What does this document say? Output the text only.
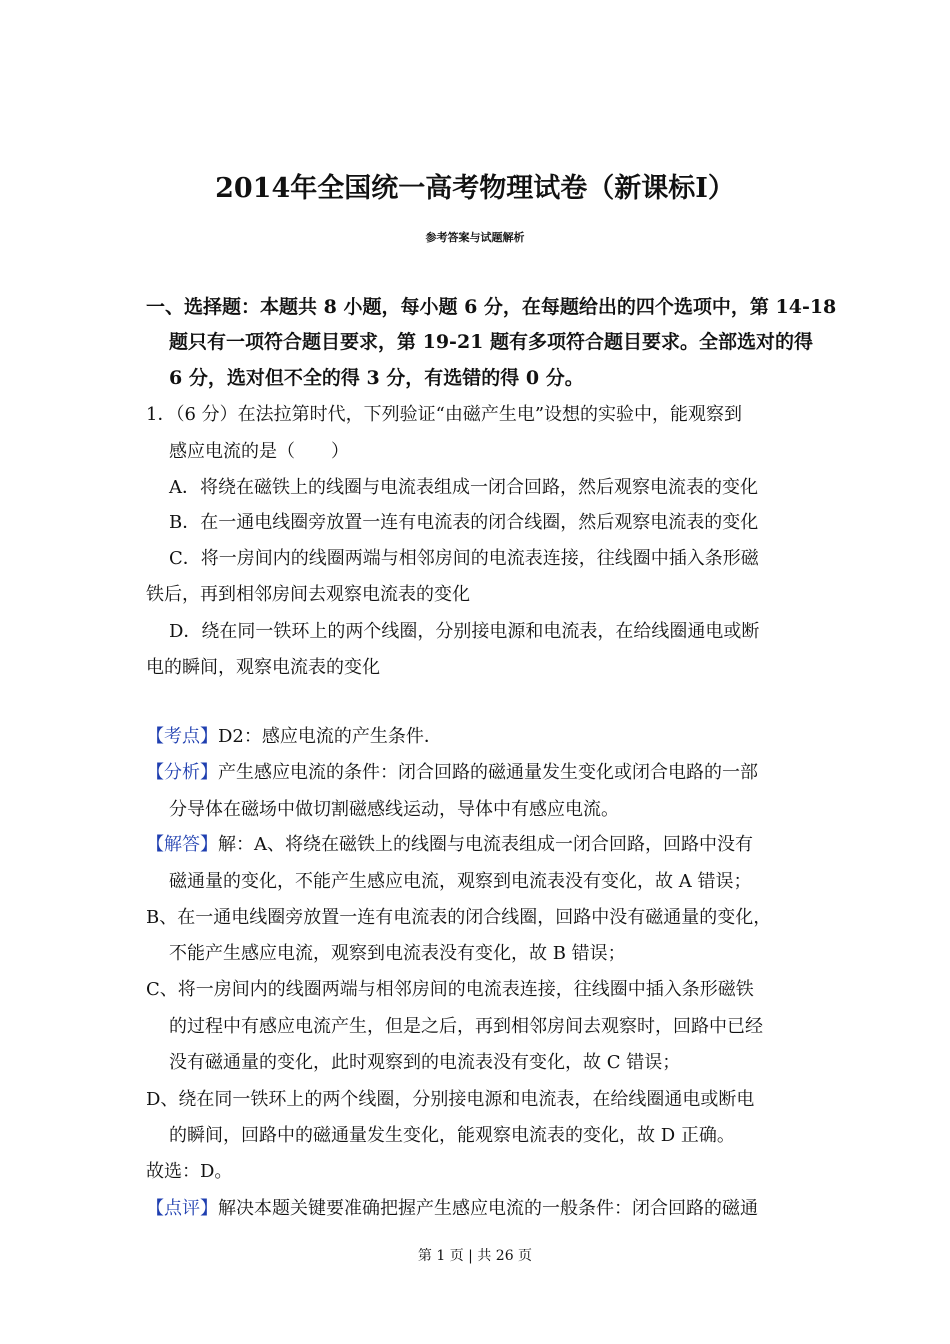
2014年全国统一高考物理试卷（新课标Ⅰ）
参考答案与试题解析
一、选择题：本题共 8 小题，每小题 6 分，在每题给出的四个选项中，第 14-18
题只有一项符合题目要求，第 19-21 题有多项符合题目要求。全部选对的得
6 分，选对但不全的得 3 分，有选错的得 0 分。
1．（6 分）在法拉第时代，下列验证“由磁产生电”设想的实验中，能观察到
感应电流的是（　　）
A．将绕在磁铁上的线圈与电流表组成一闭合回路，然后观察电流表的变化
B．在一通电线圈旁放置一连有电流表的闭合线圈，然后观察电流表的变化
C．将一房间内的线圈两端与相邻房间的电流表连接，往线圈中插入条形磁
铁后，再到相邻房间去观察电流表的变化
D．绕在同一铁环上的两个线圈，分别接电源和电流表，在给线圈通电或断
电的瞬间，观察电流表的变化
【考点】D2：感应电流的产生条件．
【分析】产生感应电流的条件：闭合回路的磁通量发生变化或闭合电路的一部
分导体在磁场中做切割磁感线运动，导体中有感应电流。
【解答】解：A、将绕在磁铁上的线圈与电流表组成一闭合回路，回路中没有
磁通量的变化，不能产生感应电流，观察到电流表没有变化，故 A 错误；
B、在一通电线圈旁放置一连有电流表的闭合线圈，回路中没有磁通量的变化，
不能产生感应电流，观察到电流表没有变化，故 B 错误；
C、将一房间内的线圈两端与相邻房间的电流表连接，往线圈中插入条形磁铁
的过程中有感应电流产生，但是之后，再到相邻房间去观察时，回路中已经
没有磁通量的变化，此时观察到的电流表没有变化，故 C 错误；
D、绕在同一铁环上的两个线圈，分别接电源和电流表，在给线圈通电或断电
的瞬间，回路中的磁通量发生变化，能观察电流表的变化，故 D 正确。
故选：D。
【点评】解决本题关键要准确把握产生感应电流的一般条件：闭合回路的磁通
第 1 页 | 共 26 页
